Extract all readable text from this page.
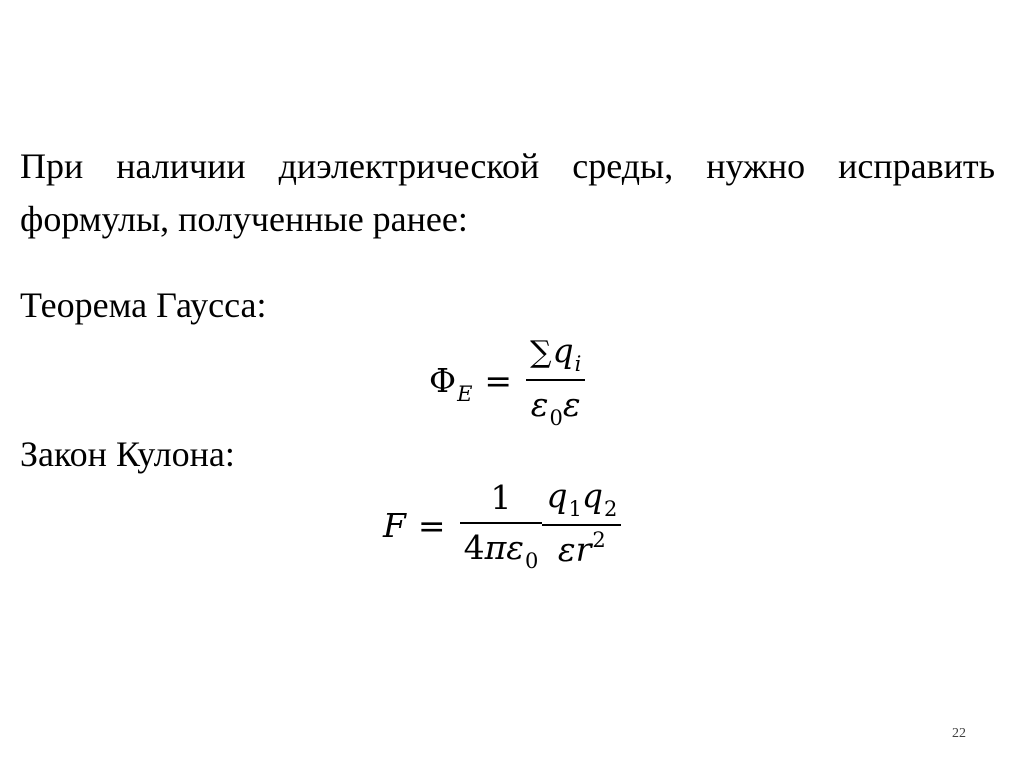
При наличии диэлектрической среды, нужно исправить формулы, полученные ранее:

Теорема Гаусса:

$\Phi_E = \frac{\sum q_i}{\varepsilon_0\varepsilon}$

Закон Кулона:

$F = \frac{1}{4\pi\varepsilon_0} \frac{q_1q_2}{\varepsilon r^2}$
22
